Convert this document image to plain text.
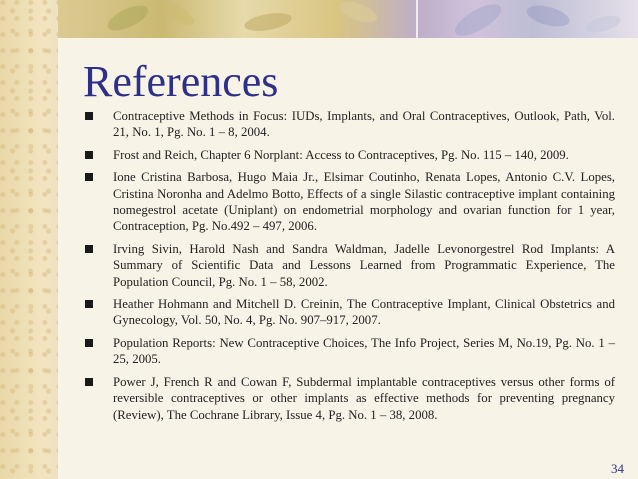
References
Contraceptive Methods in Focus: IUDs, Implants, and Oral Contraceptives, Outlook, Path, Vol. 21, No. 1, Pg. No. 1 – 8, 2004.
Frost and Reich, Chapter 6 Norplant: Access to Contraceptives, Pg. No. 115 – 140, 2009.
Ione Cristina Barbosa, Hugo Maia Jr., Elsimar Coutinho, Renata Lopes, Antonio C.V. Lopes, Cristina Noronha and Adelmo Botto, Effects of a single Silastic contraceptive implant containing nomegestrol acetate (Uniplant) on endometrial morphology and ovarian function for 1 year, Contraception, Pg. No.492 – 497, 2006.
Irving Sivin, Harold Nash and Sandra Waldman, Jadelle Levonorgestrel Rod Implants: A Summary of Scientific Data and Lessons Learned from Programmatic Experience, The Population Council, Pg. No. 1 – 58, 2002.
Heather Hohmann and Mitchell D. Creinin, The Contraceptive Implant, Clinical Obstetrics and Gynecology, Vol. 50, No. 4, Pg. No. 907–917, 2007.
Population Reports: New Contraceptive Choices, The Info Project, Series M, No.19, Pg. No. 1 – 25, 2005.
Power J, French R and Cowan F, Subdermal implantable contraceptives versus other forms of reversible contraceptives or other implants as effective methods for preventing pregnancy (Review), The Cochrane Library, Issue 4, Pg. No. 1 – 38, 2008.
34
